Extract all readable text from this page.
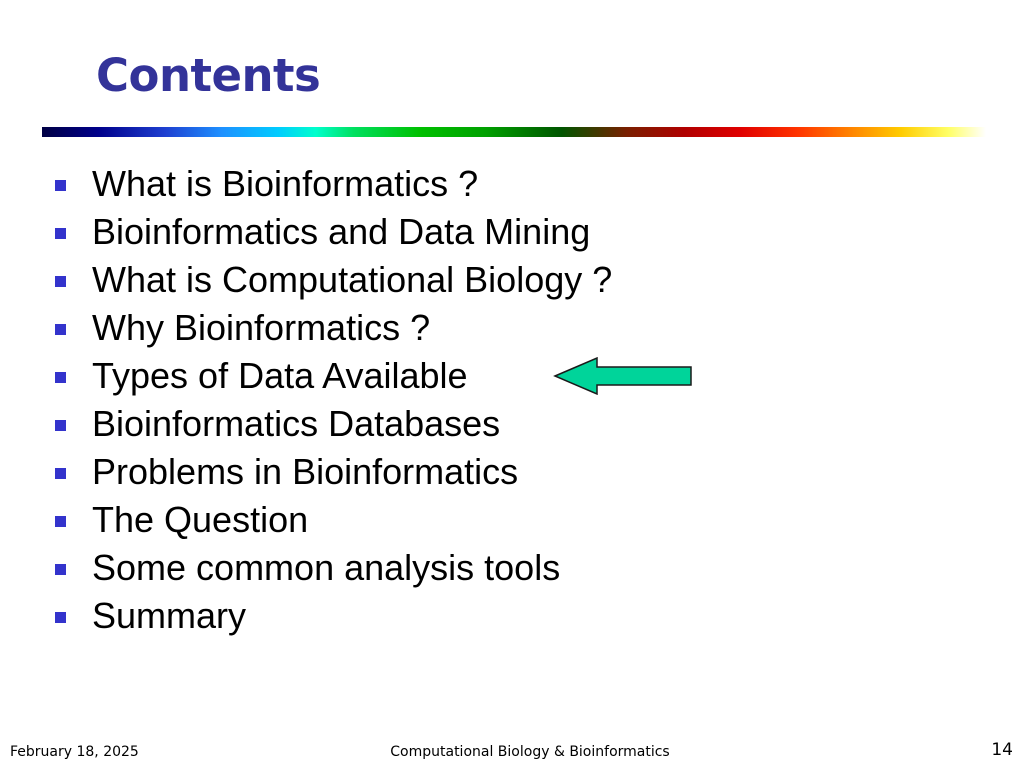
Contents
What is Bioinformatics ?
Bioinformatics and Data Mining
What is Computational Biology ?
Why Bioinformatics ?
Types of Data Available
Bioinformatics Databases
Problems in Bioinformatics
The Question
Some common analysis tools
Summary
February 18, 2025	Computational Biology & Bioinformatics	14
